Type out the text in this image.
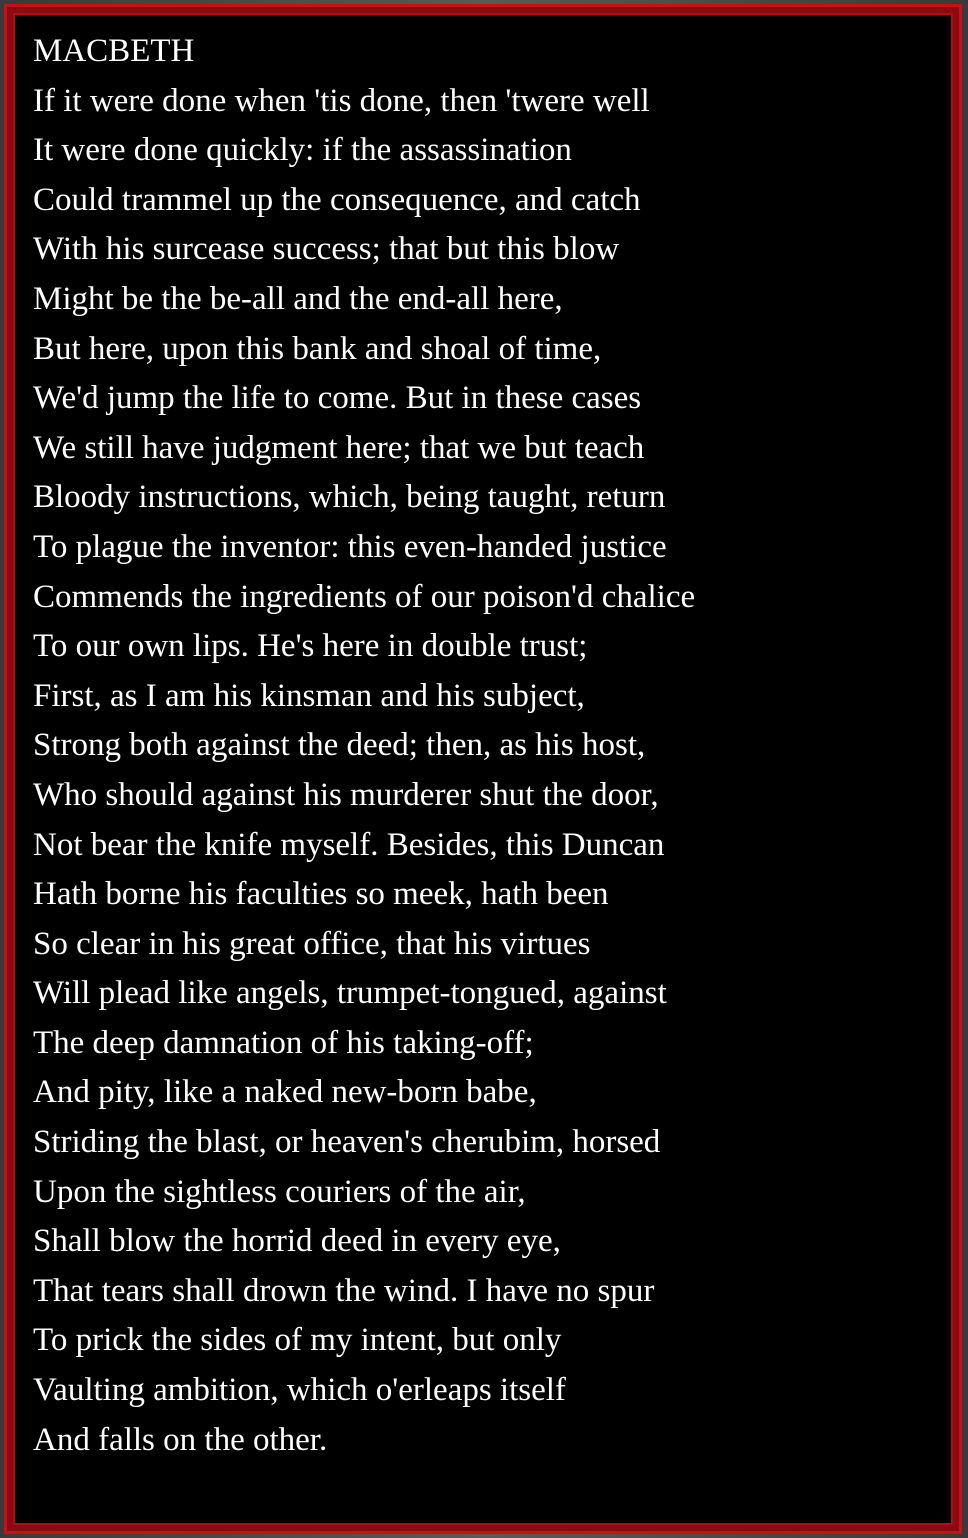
MACBETH

If it were done when 'tis done, then 'twere well

It were done quickly: if the assassination

Could trammel up the consequence, and catch

With his surcease success; that but this blow

Might be the be-all and the end-all here,

But here, upon this bank and shoal of time,

We'd jump the life to come. But in these cases

We still have judgment here; that we but teach

Bloody instructions, which, being taught, return

To plague the inventor: this even-handed justice

Commends the ingredients of our poison'd chalice

To our own lips. He's here in double trust;

First, as I am his kinsman and his subject,

Strong both against the deed; then, as his host,

Who should against his murderer shut the door,

Not bear the knife myself. Besides, this Duncan

Hath borne his faculties so meek, hath been

So clear in his great office, that his virtues

Will plead like angels, trumpet-tongued, against

The deep damnation of his taking-off;

And pity, like a naked new-born babe,

Striding the blast, or heaven's cherubim, horsed

Upon the sightless couriers of the air,

Shall blow the horrid deed in every eye,

That tears shall drown the wind. I have no spur

To prick the sides of my intent, but only

Vaulting ambition, which o'erleaps itself

And falls on the other.
